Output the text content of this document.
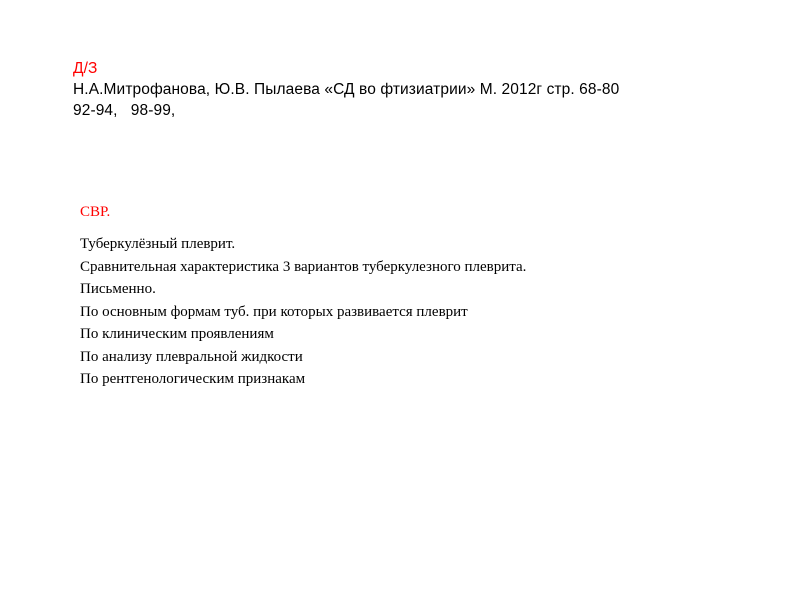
Д/З
Н.А.Митрофанова, Ю.В. Пылаева «СД во фтизиатрии» М. 2012г стр. 68-80
92-94,   98-99,
СВР.
Туберкулёзный плеврит.
Сравнительная характеристика 3 вариантов туберкулезного плеврита.
Письменно.
По основным формам туб. при которых развивается плеврит
По клиническим проявлениям
По анализу плевральной жидкости
По рентгенологическим признакам
